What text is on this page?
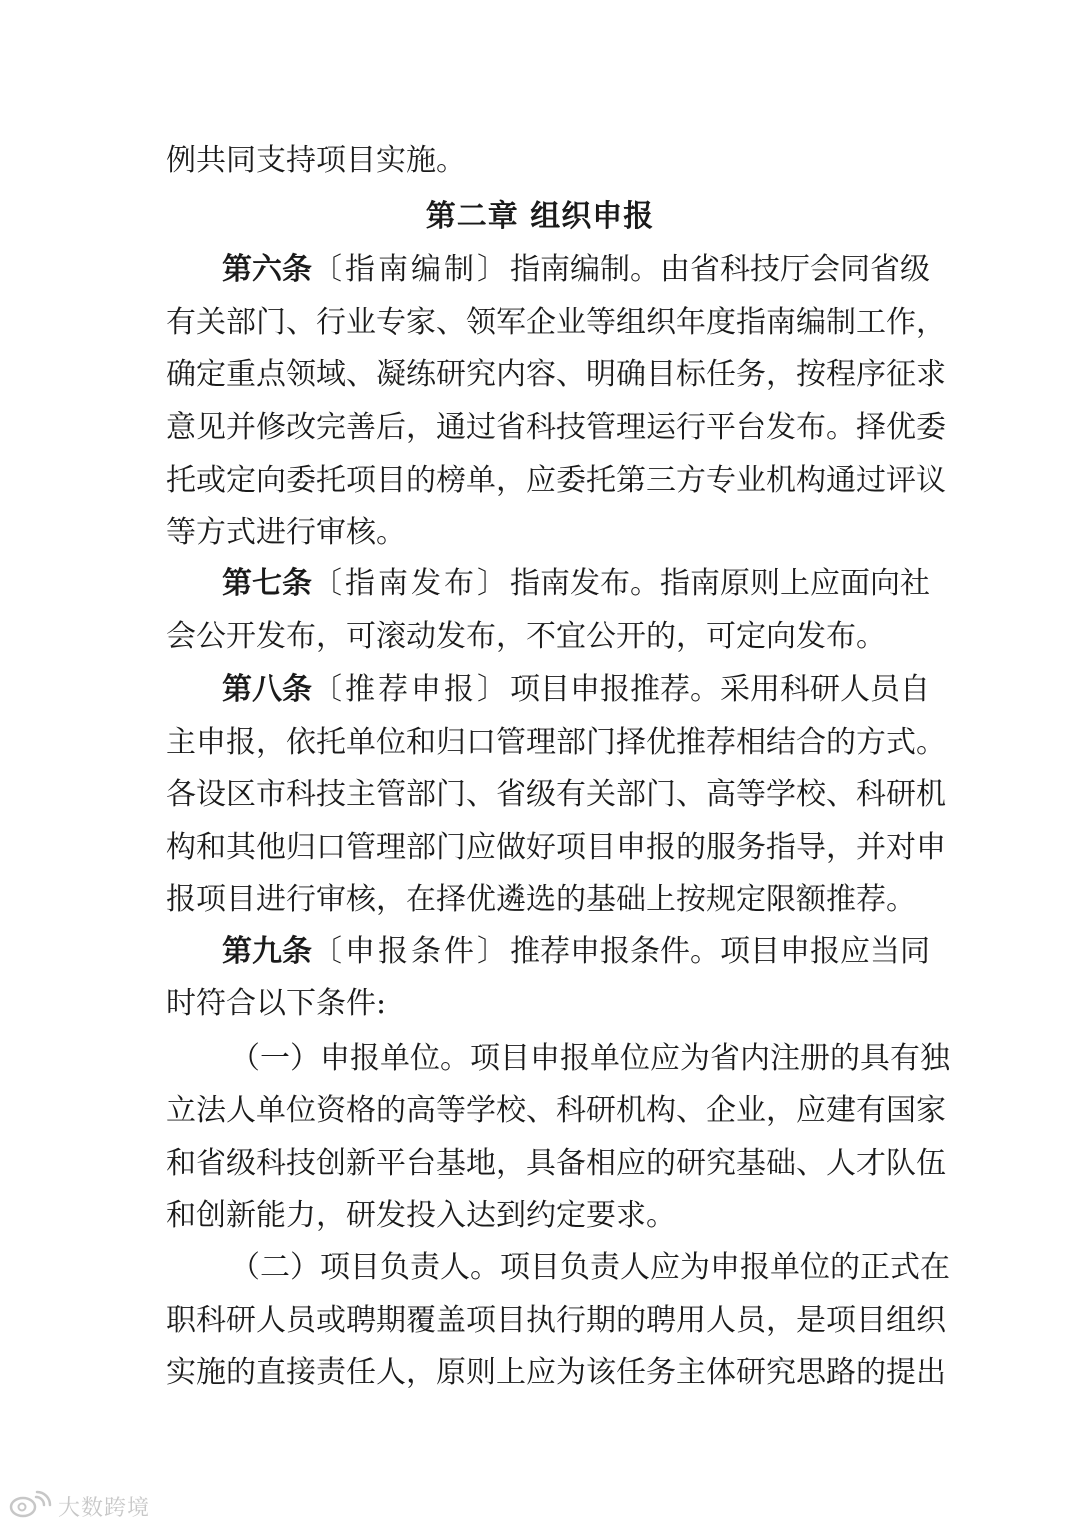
例共同支持项目实施。
第二章 组织申报
第六条〔指南编制〕指南编制。由省科技厅会同省级
有关部门、行业专家、领军企业等组织年度指南编制工作，
确定重点领域、凝练研究内容、明确目标任务，按程序征求
意见并修改完善后，通过省科技管理运行平台发布。择优委
托或定向委托项目的榜单，应委托第三方专业机构通过评议
等方式进行审核。
第七条〔指南发布〕指南发布。指南原则上应面向社
会公开发布，可滚动发布，不宜公开的，可定向发布。
第八条〔推荐申报〕项目申报推荐。采用科研人员自
主申报，依托单位和归口管理部门择优推荐相结合的方式。
各设区市科技主管部门、省级有关部门、高等学校、科研机
构和其他归口管理部门应做好项目申报的服务指导，并对申
报项目进行审核，在择优遴选的基础上按规定限额推荐。
第九条〔申报条件〕推荐申报条件。项目申报应当同
时符合以下条件:
（一）申报单位。项目申报单位应为省内注册的具有独
立法人单位资格的高等学校、科研机构、企业，应建有国家
和省级科技创新平台基地，具备相应的研究基础、人才队伍
和创新能力，研发投入达到约定要求。
（二）项目负责人。项目负责人应为申报单位的正式在
职科研人员或聘期覆盖项目执行期的聘用人员，是项目组织
实施的直接责任人，原则上应为该任务主体研究思路的提出
大数跨境
